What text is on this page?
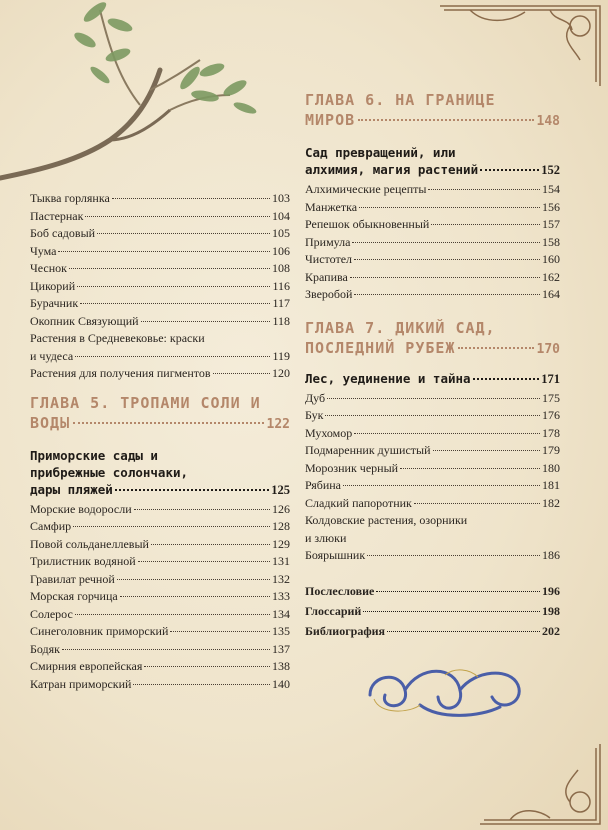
Тыква горлянка	103
Пастернак	104
Боб садовый	105
Чума	106
Чеснок	108
Цикорий	116
Бурачник	117
Окопник Связующий	118
Растения в Средневековье: краски
и чудеса	119
Растения для получения пигментов	120
ГЛАВА 5. ТРОПАМИ СОЛИ И
ВОДЫ	122
Приморские сады и
прибрежные солончаки,
дары пляжей	125
Морские водоросли	126
Самфир	128
Повой сольданеллевый	129
Трилистник водяной	131
Гравилат речной	132
Морская горчица	133
Солерос	134
Синеголовник приморский	135
Бодяк	137
Смирния европейская	138
Катран приморский	140
ГЛАВА 6. НА ГРАНИЦЕ
МИРОВ	148
Сад превращений, или
алхимия, магия растений	152
Алхимические рецепты	154
Манжетка	156
Репешок обыкновенный	157
Примула	158
Чистотел	160
Крапива	162
Зверобой	164
ГЛАВА 7. ДИКИЙ САД,
ПОСЛЕДНИЙ РУБЕЖ	170
Лес, уединение и тайна	171
Дуб	175
Бук	176
Мухомор	178
Подмаренник душистый	179
Морозник черный	180
Рябина	181
Сладкий папоротник	182
Колдовские растения, озорники
и злюки
Боярышник	186
Послесловие	196
Глоссарий	198
Библиография	202
